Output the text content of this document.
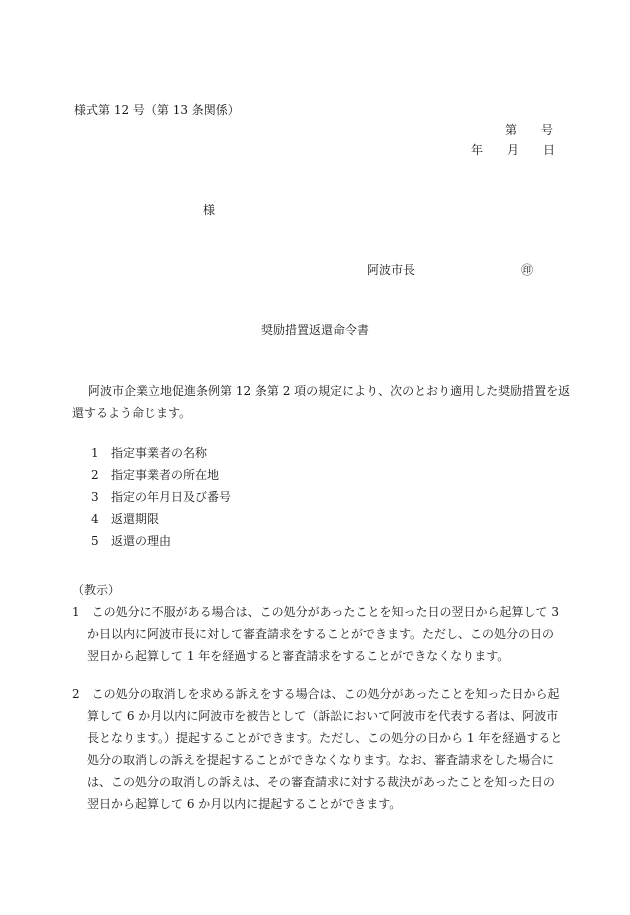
様式第 12 号（第 13 条関係）
第　　号
年　　月　　日
様
阿波市長	㊞
奨励措置返還命令書
阿波市企業立地促進条例第 12 条第 2 項の規定により、次のとおり適用した奨励措置を返
還するよう命じます。
1 指定事業者の名称
2 指定事業者の所在地
3 指定の年月日及び番号
4 返還期限
5 返還の理由
（教示）
1　この処分に不服がある場合は、この処分があったことを知った日の翌日から起算して 3
か日以内に阿波市長に対して審査請求をすることができます。ただし、この処分の日の
翌日から起算して 1 年を経過すると審査請求をすることができなくなります。
2　この処分の取消しを求める訴えをする場合は、この処分があったことを知った日から起
算して 6 か月以内に阿波市を被告として（訴訟において阿波市を代表する者は、阿波市
長となります。）提起することができます。ただし、この処分の日から 1 年を経過すると
処分の取消しの訴えを提起することができなくなります。なお、審査請求をした場合に
は、この処分の取消しの訴えは、その審査請求に対する裁決があったことを知った日の
翌日から起算して 6 か月以内に提起することができます。
